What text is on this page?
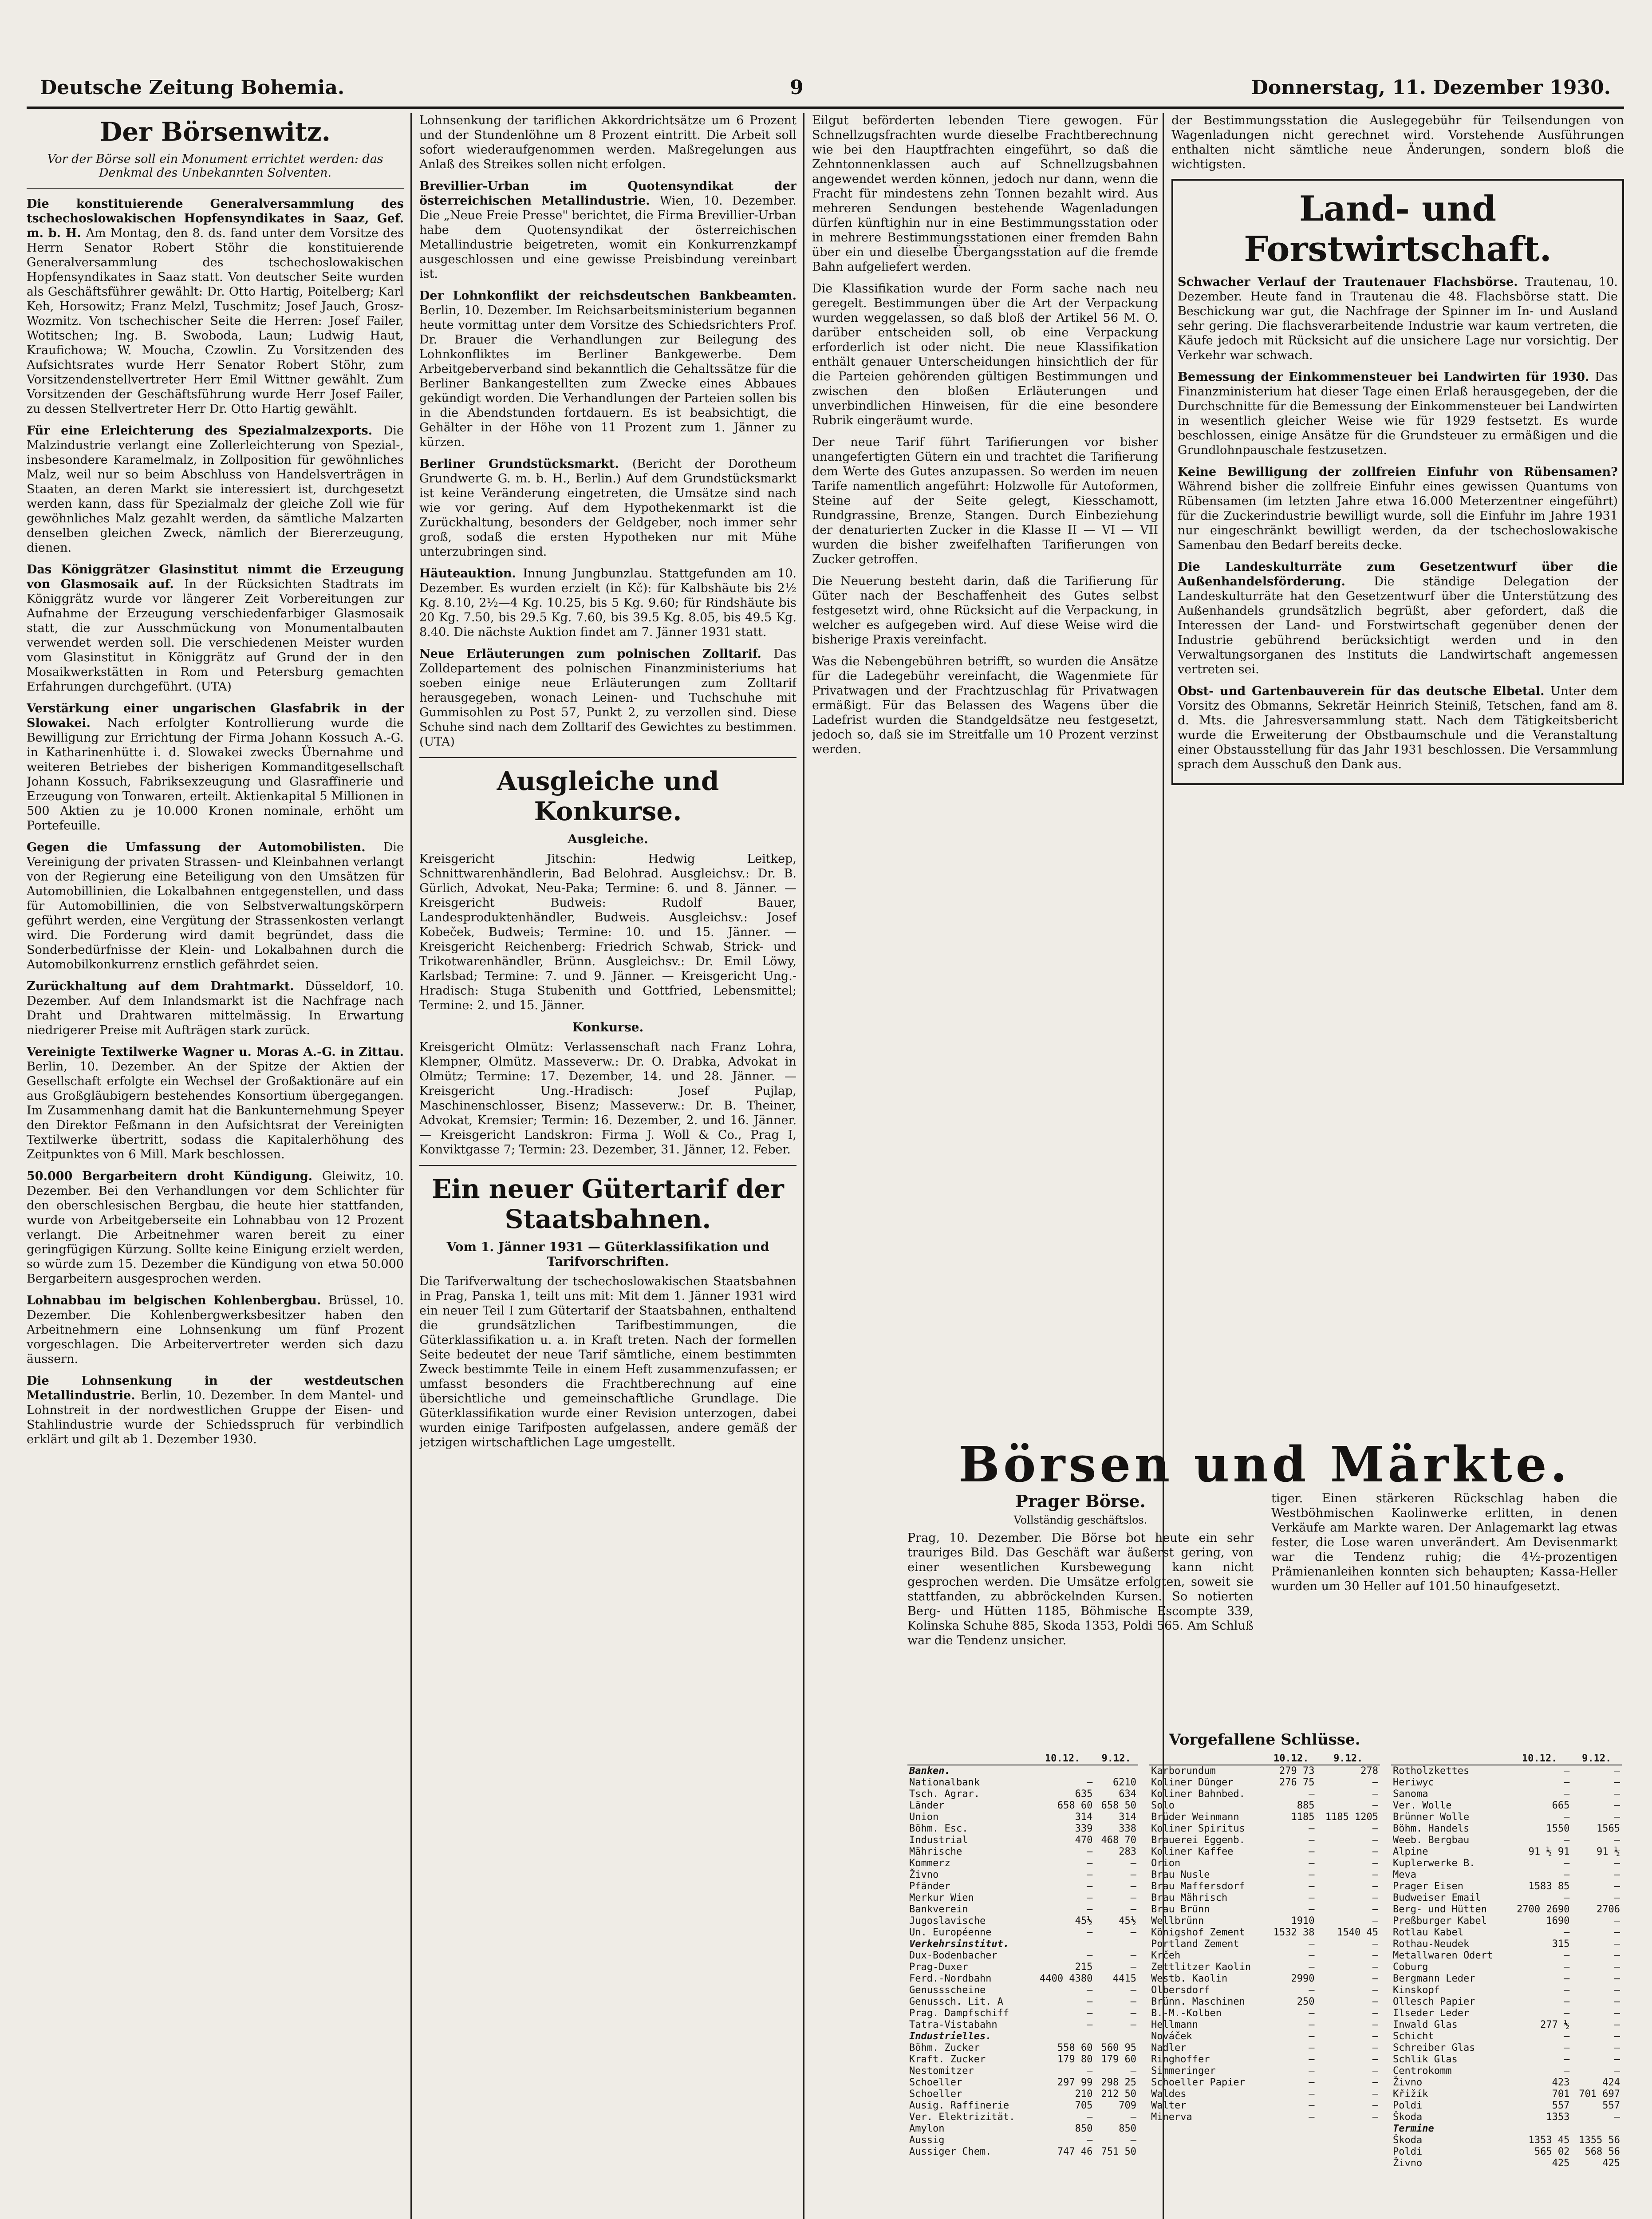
Deutsche Zeitung Bohemia.	9	Donnerstag, 11. Dezember 1930.
Der Börsenwitz.
Vor der Börse soll ein Monument errichtet werden: das Denkmal des Unbekannten Solventen.
Die konstituierende Generalversammlung des tschechoslowakischen Hopfensyndikates in Saaz, Gef. m. b. H. Am Montag, den 8. ds. fand unter dem Vorsitze des Herrn Senator Robert Stöhr die konstituierende Generalversammlung des tschechoslowakischen Hopfensyndikates in Saaz statt. Von deutscher Seite wurden als Geschäftsführer gewählt: Dr. Otto Hartig, Poitelberg; Karl Keh, Horsowitz; Franz Melzl, Tuschmitz; Josef Jauch, Grosz-Wozmitz. Von tschechischer Seite die Herren: Josef Failer, Wotitschen; Ing. B. Swoboda, Laun; Ludwig Haut, Kraufichowa; W. Moucha, Czowlin. Zu Vorsitzenden des Aufsichtsrates wurde Herr Senator Robert Stöhr, zum Vorsitzendenstellvertreter Herr Emil Wittner gewählt. Zum Vorsitzenden der Geschäftsführung wurde Herr Josef Failer, zu dessen Stellvertreter Herr Dr. Otto Hartig gewählt.
Für eine Erleichterung des Spezialmalzexports. Die Malzindustrie verlangt eine Zollerleichterung von Spezial-, insbesondere Karamelmalz, in Zollposition für gewöhnliches Malz, weil nur so beim Abschluss von Handelsverträgen in Staaten, an deren Markt sie interessiert ist, durchgesetzt werden kann, dass für Spezialmalz der gleiche Zoll wie für gewöhnliches Malz gezahlt werden, da sämtliche Malzarten denselben gleichen Zweck, nämlich der Biererzeugung, dienen.
Das Königgrätzer Glasinstitut nimmt die Erzeugung von Glasmosaik auf. In der Rücksichten Stadtrats im Königgrätz wurde vor längerer Zeit Vorbereitungen zur Aufnahme der Erzeugung verschiedenfarbiger Glasmosaik statt, die zur Ausschmückung von Monumentalbauten verwendet werden soll. Die verschiedenen Meister wurden vom Glasinstitut in Königgrätz auf Grund der in den Mosaikwerkstätten in Rom und Petersburg gemachten Erfahrungen durchgeführt. (UTA)
Verstärkung einer ungarischen Glasfabrik in der Slowakei. Nach erfolgter Kontrollierung wurde die Bewilligung zur Errichtung der Firma Johann Kossuch A.-G. in Katharinenhütte i. d. Slowakei zwecks Übernahme und weiteren Betriebes der bisherigen Kommanditgesellschaft Johann Kossuch, Fabriksexzeugung und Glasraffinerie und Erzeugung von Tonwaren, erteilt. Aktienkapital 5 Millionen in 500 Aktien zu je 10.000 Kronen nominale, erhöht um Portefeuille.
Gegen die Umfassung der Automobilisten. Die Vereinigung der privaten Strassen- und Kleinbahnen verlangt von der Regierung eine Beteiligung von den Umsätzen für Automobillinien, die Lokalbahnen entgegenstellen, und dass für Automobillinien, die von Selbstverwaltungskörpern geführt werden, eine Vergütung der Strassenkosten verlangt wird. Die Forderung wird damit begründet, dass die Sonderbedürfnisse der Klein- und Lokalbahnen durch die Automobilkonkurrenz ernstlich gefährdet seien.
Zurückhaltung auf dem Drahtmarkt. Düsseldorf, 10. Dezember. Auf dem Inlandsmarkt ist die Nachfrage nach Draht und Drahtwaren mittelmässig. In Erwartung niedrigerer Preise mit Aufträgen stark zurück.
Vereinigte Textilwerke Wagner u. Moras A.-G. in Zittau. Berlin, 10. Dezember. An der Spitze der Aktien der Gesellschaft erfolgte ein Wechsel der Großaktionäre auf ein aus Großgläubigern bestehendes Konsortium übergegangen. Im Zusammenhang damit hat die Bankunternehmung Speyer den Direktor Feßmann in den Aufsichtsrat der Vereinigten Textilwerke übertritt, sodass die Kapitalerhöhung des Zeitpunktes von 6 Mill. Mark beschlossen.
50.000 Bergarbeitern droht Kündigung. Gleiwitz, 10. Dezember. Bei den Verhandlungen vor dem Schlichter für den oberschlesischen Bergbau, die heute hier stattfanden, wurde von Arbeitgeberseite ein Lohnabbau von 12 Prozent verlangt. Die Arbeitnehmer waren bereit zu einer geringfügigen Kürzung. Sollte keine Einigung erzielt werden, so würde zum 15. Dezember die Kündigung von etwa 50.000 Bergarbeitern ausgesprochen werden.
Lohnabbau im belgischen Kohlenbergbau. Brüssel, 10. Dezember. Die Kohlenbergwerksbesitzer haben den Arbeitnehmern eine Lohnsenkung um fünf Prozent vorgeschlagen. Die Arbeitervertreter werden sich dazu äussern.
Die Lohnsenkung in der westdeutschen Metallindustrie. Berlin, 10. Dezember. In dem Mantel- und Lohnstreit in der nordwestlichen Gruppe der Eisen- und Stahlindustrie wurde der Schiedsspruch für verbindlich erklärt und gilt ab 1. Dezember 1930.
Lohnsenkung der tariflichen Akkordrichtsätze um 6 Prozent und der Stundenlöhne um 8 Prozent eintritt. Die Arbeit soll sofort wiederaufgenommen werden. Maßregelungen aus Anlaß des Streikes sollen nicht erfolgen.
Brevillier-Urban im Quotensyndikat der österreichischen Metallindustrie. Wien, 10. Dezember. Die „Neue Freie Presse" berichtet, die Firma Brevillier-Urban habe dem Quotensyndikat der österreichischen Metallindustrie beigetreten, womit ein Konkurrenzkampf ausgeschlossen und eine gewisse Preisbindung vereinbart ist.
Der Lohnkonflikt der reichsdeutschen Bankbeamten. Berlin, 10. Dezember. Im Reichsarbeitsministerium begannen heute vormittag unter dem Vorsitze des Schiedsrichters Prof. Dr. Brauer die Verhandlungen zur Beilegung des Lohnkonfliktes im Berliner Bankgewerbe. Dem Arbeitgeberverband sind bekanntlich die Gehaltssätze für die Berliner Bankangestellten zum Zwecke eines Abbaues gekündigt worden. Die Verhandlungen der Parteien sollen bis in die Abendstunden fortdauern. Es ist beabsichtigt, die Gehälter in der Höhe von 11 Prozent zum 1. Jänner zu kürzen.
Berliner Grundstücksmarkt. (Bericht der Dorotheum Grundwerte G. m. b. H., Berlin.) Auf dem Grundstücksmarkt ist keine Veränderung eingetreten, die Umsätze sind nach wie vor gering. Auf dem Hypothekenmarkt ist die Zurückhaltung, besonders der Geldgeber, noch immer sehr groß, sodaß die ersten Hypotheken nur mit Mühe unterzubringen sind.
Häuteauktion. Innung Jungbunzlau. Stattgefunden am 10. Dezember. Es wurden erzielt (in Kč): für Kalbshäute bis 2½ Kg. 8.10, 2½—4 Kg. 10.25, bis 5 Kg. 9.60; für Rindshäute bis 20 Kg. 7.50, bis 29.5 Kg. 7.60, bis 39.5 Kg. 8.05, bis 49.5 Kg. 8.40. Die nächste Auktion findet am 7. Jänner 1931 statt.
Neue Erläuterungen zum polnischen Zolltarif. Das Zolldepartement des polnischen Finanzministeriums hat soeben einige neue Erläuterungen zum Zolltarif herausgegeben, wonach Leinen- und Tuchschuhe mit Gummisohlen zu Post 57, Punkt 2, zu verzollen sind. Diese Schuhe sind nach dem Zolltarif des Gewichtes zu bestimmen. (UTA)
Ausgleiche und Konkurse.
Ausgleiche.
Kreisgericht Jitschin: Hedwig Leitkep, Schnittwarenhändlerin, Bad Belohrad. Ausgleichsv.: Dr. B. Gürlich, Advokat, Neu-Paka; Termine: 6. und 8. Jänner. — Kreisgericht Budweis: Rudolf Bauer, Landesproduktenhändler, Budweis. Ausgleichsv.: Josef Kobeček, Budweis; Termine: 10. und 15. Jänner. — Kreisgericht Reichenberg: Friedrich Schwab, Strick- und Trikotwarenhändler, Brünn. Ausgleichsv.: Dr. Emil Löwy, Karlsbad; Termine: 7. und 9. Jänner. — Kreisgericht Ung.-Hradisch: Stuga Stubenith und Gottfried, Lebensmittel; Termine: 2. und 15. Jänner.
Konkurse.
Kreisgericht Olmütz: Verlassenschaft nach Franz Lohra, Klempner, Olmütz. Masseverw.: Dr. O. Drabka, Advokat in Olmütz; Termine: 17. Dezember, 14. und 28. Jänner. — Kreisgericht Ung.-Hradisch: Josef Pujlap, Maschinenschlosser, Bisenz; Masseverw.: Dr. B. Theiner, Advokat, Kremsier; Termin: 16. Dezember, 2. und 16. Jänner. — Kreisgericht Landskron: Firma J. Woll & Co., Prag I, Konviktgasse 7; Termin: 23. Dezember, 31. Jänner, 12. Feber.
Ein neuer Gütertarif der Staatsbahnen.
Vom 1. Jänner 1931 — Güterklassifikation und Tarifvorschriften.
Die Tarifverwaltung der tschechoslowakischen Staatsbahnen in Prag, Panska 1, teilt uns mit: Mit dem 1. Jänner 1931 wird ein neuer Teil I zum Gütertarif der Staatsbahnen, enthaltend die grundsätzlichen Tarifbestimmungen, die Güterklassifikation u. a. in Kraft treten. Nach der formellen Seite bedeutet der neue Tarif sämtliche, einem bestimmten Zweck bestimmte Teile in einem Heft zusammenzufassen; er umfasst besonders die Frachtberechnung auf eine übersichtliche und gemeinschaftliche Grundlage. Die Güterklassifikation wurde einer Revision unterzogen, dabei wurden einige Tarifposten aufgelassen, andere gemäß der jetzigen wirtschaftlichen Lage umgestellt.
Eilgut beförderten lebenden Tiere gewogen. Für Schnellzugsfrachten wurde dieselbe Frachtberechnung wie bei den Hauptfrachten eingeführt, so daß die Zehntonnenklassen auch auf Schnellzugsbahnen angewendet werden können, jedoch nur dann, wenn die Fracht für mindestens zehn Tonnen bezahlt wird. Aus mehreren Sendungen bestehende Wagenladungen dürfen künftighin nur in eine Bestimmungsstation oder in mehrere Bestimmungsstationen einer fremden Bahn über ein und dieselbe Übergangsstation auf die fremde Bahn aufgeliefert werden.
Die Klassifikation wurde der Form sache nach neu geregelt. Bestimmungen über die Art der Verpackung wurden weggelassen, so daß bloß der Artikel 56 M. O. darüber entscheiden soll, ob eine Verpackung erforderlich ist oder nicht. Die neue Klassifikation enthält genauer Unterscheidungen hinsichtlich der für die Parteien gehörenden gültigen Bestimmungen und zwischen den bloßen Erläuterungen und unverbindlichen Hinweisen, für die eine besondere Rubrik eingeräumt wurde.
Der neue Tarif führt Tarifierungen vor bisher unangefertigten Gütern ein und trachtet die Tarifierung dem Werte des Gutes anzupassen. So werden im neuen Tarife namentlich angeführt: Holzwolle für Autoformen, Steine auf der Seite gelegt, Kiesschamott, Rundgrassine, Brenze, Stangen. Durch Einbeziehung der denaturierten Zucker in die Klasse II — VI — VII wurden die bisher zweifelhaften Tarifierungen von Zucker getroffen.
Die Neuerung besteht darin, daß die Tarifierung für Güter nach der Beschaffenheit des Gutes selbst festgesetzt wird, ohne Rücksicht auf die Verpackung, in welcher es aufgegeben wird. Auf diese Weise wird die bisherige Praxis vereinfacht.
Was die Nebengebühren betrifft, so wurden die Ansätze für die Ladegebühr vereinfacht, die Wagenmiete für Privatwagen und der Frachtzuschlag für Privatwagen ermäßigt. Für das Belassen des Wagens über die Ladefrist wurden die Standgeldsätze neu festgesetzt, jedoch so, daß sie im Streitfalle um 10 Prozent verzinst werden.
der Bestimmungsstation die Auslegegebühr für Teilsendungen von Wagenladungen nicht gerechnet wird. Vorstehende Ausführungen enthalten nicht sämtliche neue Änderungen, sondern bloß die wichtigsten.
Land- und Forstwirtschaft.
Schwacher Verlauf der Trautenauer Flachsbörse. Trautenau, 10. Dezember. Heute fand in Trautenau die 48. Flachsbörse statt. Die Beschickung war gut, die Nachfrage der Spinner im In- und Ausland sehr gering. Die flachsverarbeitende Industrie war kaum vertreten, die Käufe jedoch mit Rücksicht auf die unsichere Lage nur vorsichtig. Der Verkehr war schwach.
Bemessung der Einkommensteuer bei Landwirten für 1930. Das Finanzministerium hat dieser Tage einen Erlaß herausgegeben, der die Durchschnitte für die Bemessung der Einkommensteuer bei Landwirten in wesentlich gleicher Weise wie für 1929 festsetzt. Es wurde beschlossen, einige Ansätze für die Grundsteuer zu ermäßigen und die Grundlohnpauschale festzusetzen.
Keine Bewilligung der zollfreien Einfuhr von Rübensamen? Während bisher die zollfreie Einfuhr eines gewissen Quantums von Rübensamen (im letzten Jahre etwa 16.000 Meterzentner eingeführt) für die Zuckerindustrie bewilligt wurde, soll die Einfuhr im Jahre 1931 nur eingeschränkt bewilligt werden, da der tschechoslowakische Samenbau den Bedarf bereits decke.
Die Landeskulturräte zum Gesetzentwurf über die Außenhandelsförderung. Die ständige Delegation der Landeskulturräte hat den Gesetzentwurf über die Unterstützung des Außenhandels grundsätzlich begrüßt, aber gefordert, daß die Interessen der Land- und Forstwirtschaft gegenüber denen der Industrie gebührend berücksichtigt werden und in den Verwaltungsorganen des Instituts die Landwirtschaft angemessen vertreten sei.
Obst- und Gartenbauverein für das deutsche Elbetal. Unter dem Vorsitz des Obmanns, Sekretär Heinrich Steiniß, Tetschen, fand am 8. d. Mts. die Jahresversammlung statt. Nach dem Tätigkeitsbericht wurde die Erweiterung der Obstbaumschule und die Veranstaltung einer Obstausstellung für das Jahr 1931 beschlossen. Die Versammlung sprach dem Ausschuß den Dank aus.
Börsen und Märkte.
Prager Börse.
Vollständig geschäftslos.
Prag, 10. Dezember. Die Börse bot heute ein sehr trauriges Bild. Das Geschäft war äußerst gering, von einer wesentlichen Kursbewegung kann nicht gesprochen werden. Die Umsätze erfolgten, soweit sie stattfanden, zu abbröckelnden Kursen. So notierten Berg- und Hütten 1185, Böhmische Escompte 339, Kolinska Schuhe 885, Skoda 1353, Poldi 565. Am Schluß war die Tendenz unsicher.
tiger. Einen stärkeren Rückschlag haben die Westböhmischen Kaolinwerke erlitten, in denen Verkäufe am Markte waren. Der Anlagemarkt lag etwas fester, die Lose waren unverändert. Am Devisenmarkt war die Tendenz ruhig; die 4½-prozentigen Prämienanleihen konnten sich behaupten; Kassa-Heller wurden um 30 Heller auf 101.50 hinaufgesetzt.
Vorgefallene Schlüsse.
	10.12.	9.12.
Banken.		
Nationalbank	—	6210
Tsch. Agrar.	635	634
Länder	658 60	658 50
Union	314	314
Böhm. Esc.	339	338
Industrial	470	468 70
Mährische	—	283
Kommerz	—	—
Živno	—	—
Pfänder	—	—
Merkur Wien	—	—
Bankverein	—	—
Jugoslavische	45½	45½
Un. Européenne	—	—
Verkehrsinstitut.		
Dux-Bodenbacher	—	—
Prag-Duxer	215	—
Ferd.-Nordbahn	4400 4380	4415
Genussscheine	—	—
Genussch. Lit. A	—	—
Prag. Dampfschiff	—	—
Tatra-Vistabahn	—	—
Industrielles.		
Böhm. Zucker	558 60	560 95
Kraft. Zucker	179 80	179 60
Nestomitzer	—	—
Schoeller	297 99	298 25
Schoeller	210	212 50
Ausig. Raffinerie	705	709
Ver. Elektrizität.	—	—
Amylon	850	850
Aussig	—	—
Aussiger Chem.	747 46	751 50
	10.12.	9.12.
Karborundum	279 73	278
Koliner Dünger	276 75	—
Koliner Bahnbed.	—	—
Solo	885	—
Brüder Weinmann	1185	1185 1205
Koliner Spiritus	—	—
Brauerei Eggenb.	—	—
Koliner Kaffee	—	—
Orion	—	—
Brau Nusle	—	—
Brau Maffersdorf	—	—
Brau Mährisch	—	—
Brau Brünn	—	—
Wellbrünn	1910	—
Königshof Zement	1532 38	1540 45
Portland Zement	—	—
Krčeh	—	—
Zettlitzer Kaolin	—	—
Westb. Kaolin	2990	—
Olbersdorf	—	—
Brünn. Maschinen	250	—
B.-M.-Kolben	—	—
Hellmann	—	—
Nováček	—	—
Nadler	—	—
Ringhoffer	—	—
Simmeringer	—	—
Schoeller Papier	—	—
Waldes	—	—
Walter	—	—
Minerva	—	—
	10.12.	9.12.
Rotholzkettes	—	—
Heriwyc	—	—
Sanoma	—	—
Ver. Wolle	665	—
Brünner Wolle	—	—
Böhm. Handels	1550	1565
Weeb. Bergbau	—	—
Alpine	91 ½ 91	91 ½
Kuplerwerke B.	—	—
Meva	—	—
Prager Eisen	1583 85	—
Budweiser Email	—	—
Berg- und Hütten	2700 2690	2706
Preßburger Kabel	1690	—
Rotlau Kabel	—	—
Rothau-Neudek	315	—
Metallwaren Odert	—	—
Coburg	—	—
Bergmann Leder	—	—
Kinskopf	—	—
Ollesch Papier	—	—
Ilseder Leder	—	—
Inwald Glas	277 ½	—
Schicht	—	—
Schreiber Glas	—	—
Schlik Glas	—	—
Centrokomm	—	—
Živno	423	424
Křižík	701	701 697
Poldi	557	557
Škoda	1353	—
Termine		
Škoda	1353 45	1355 56
Poldi	565 02	568 56
Živno	425	425
